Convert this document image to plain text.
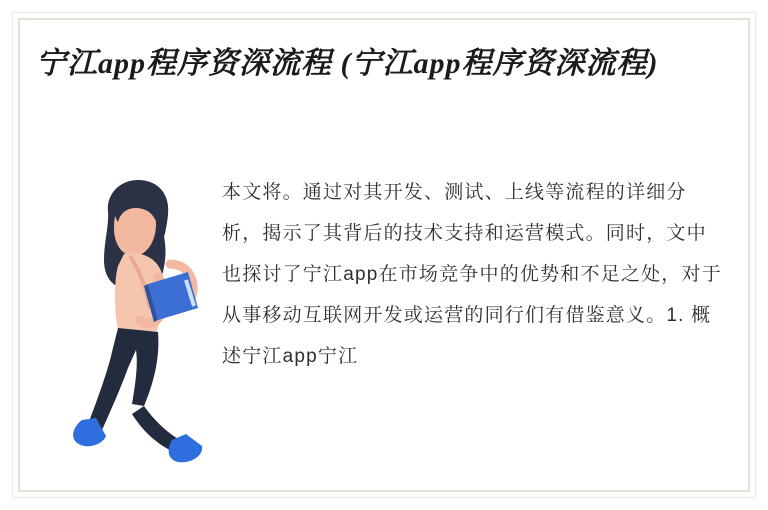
宁江app程序资深流程 (宁江app程序资深流程)
本文将。通过对其开发、测试、上线等流程的详细分析，揭示了其背后的技术支持和运营模式。同时，文中也探讨了宁江app在市场竞争中的优势和不足之处，对于从事移动互联网开发或运营的同行们有借鉴意义。1. 概述宁江app宁江
